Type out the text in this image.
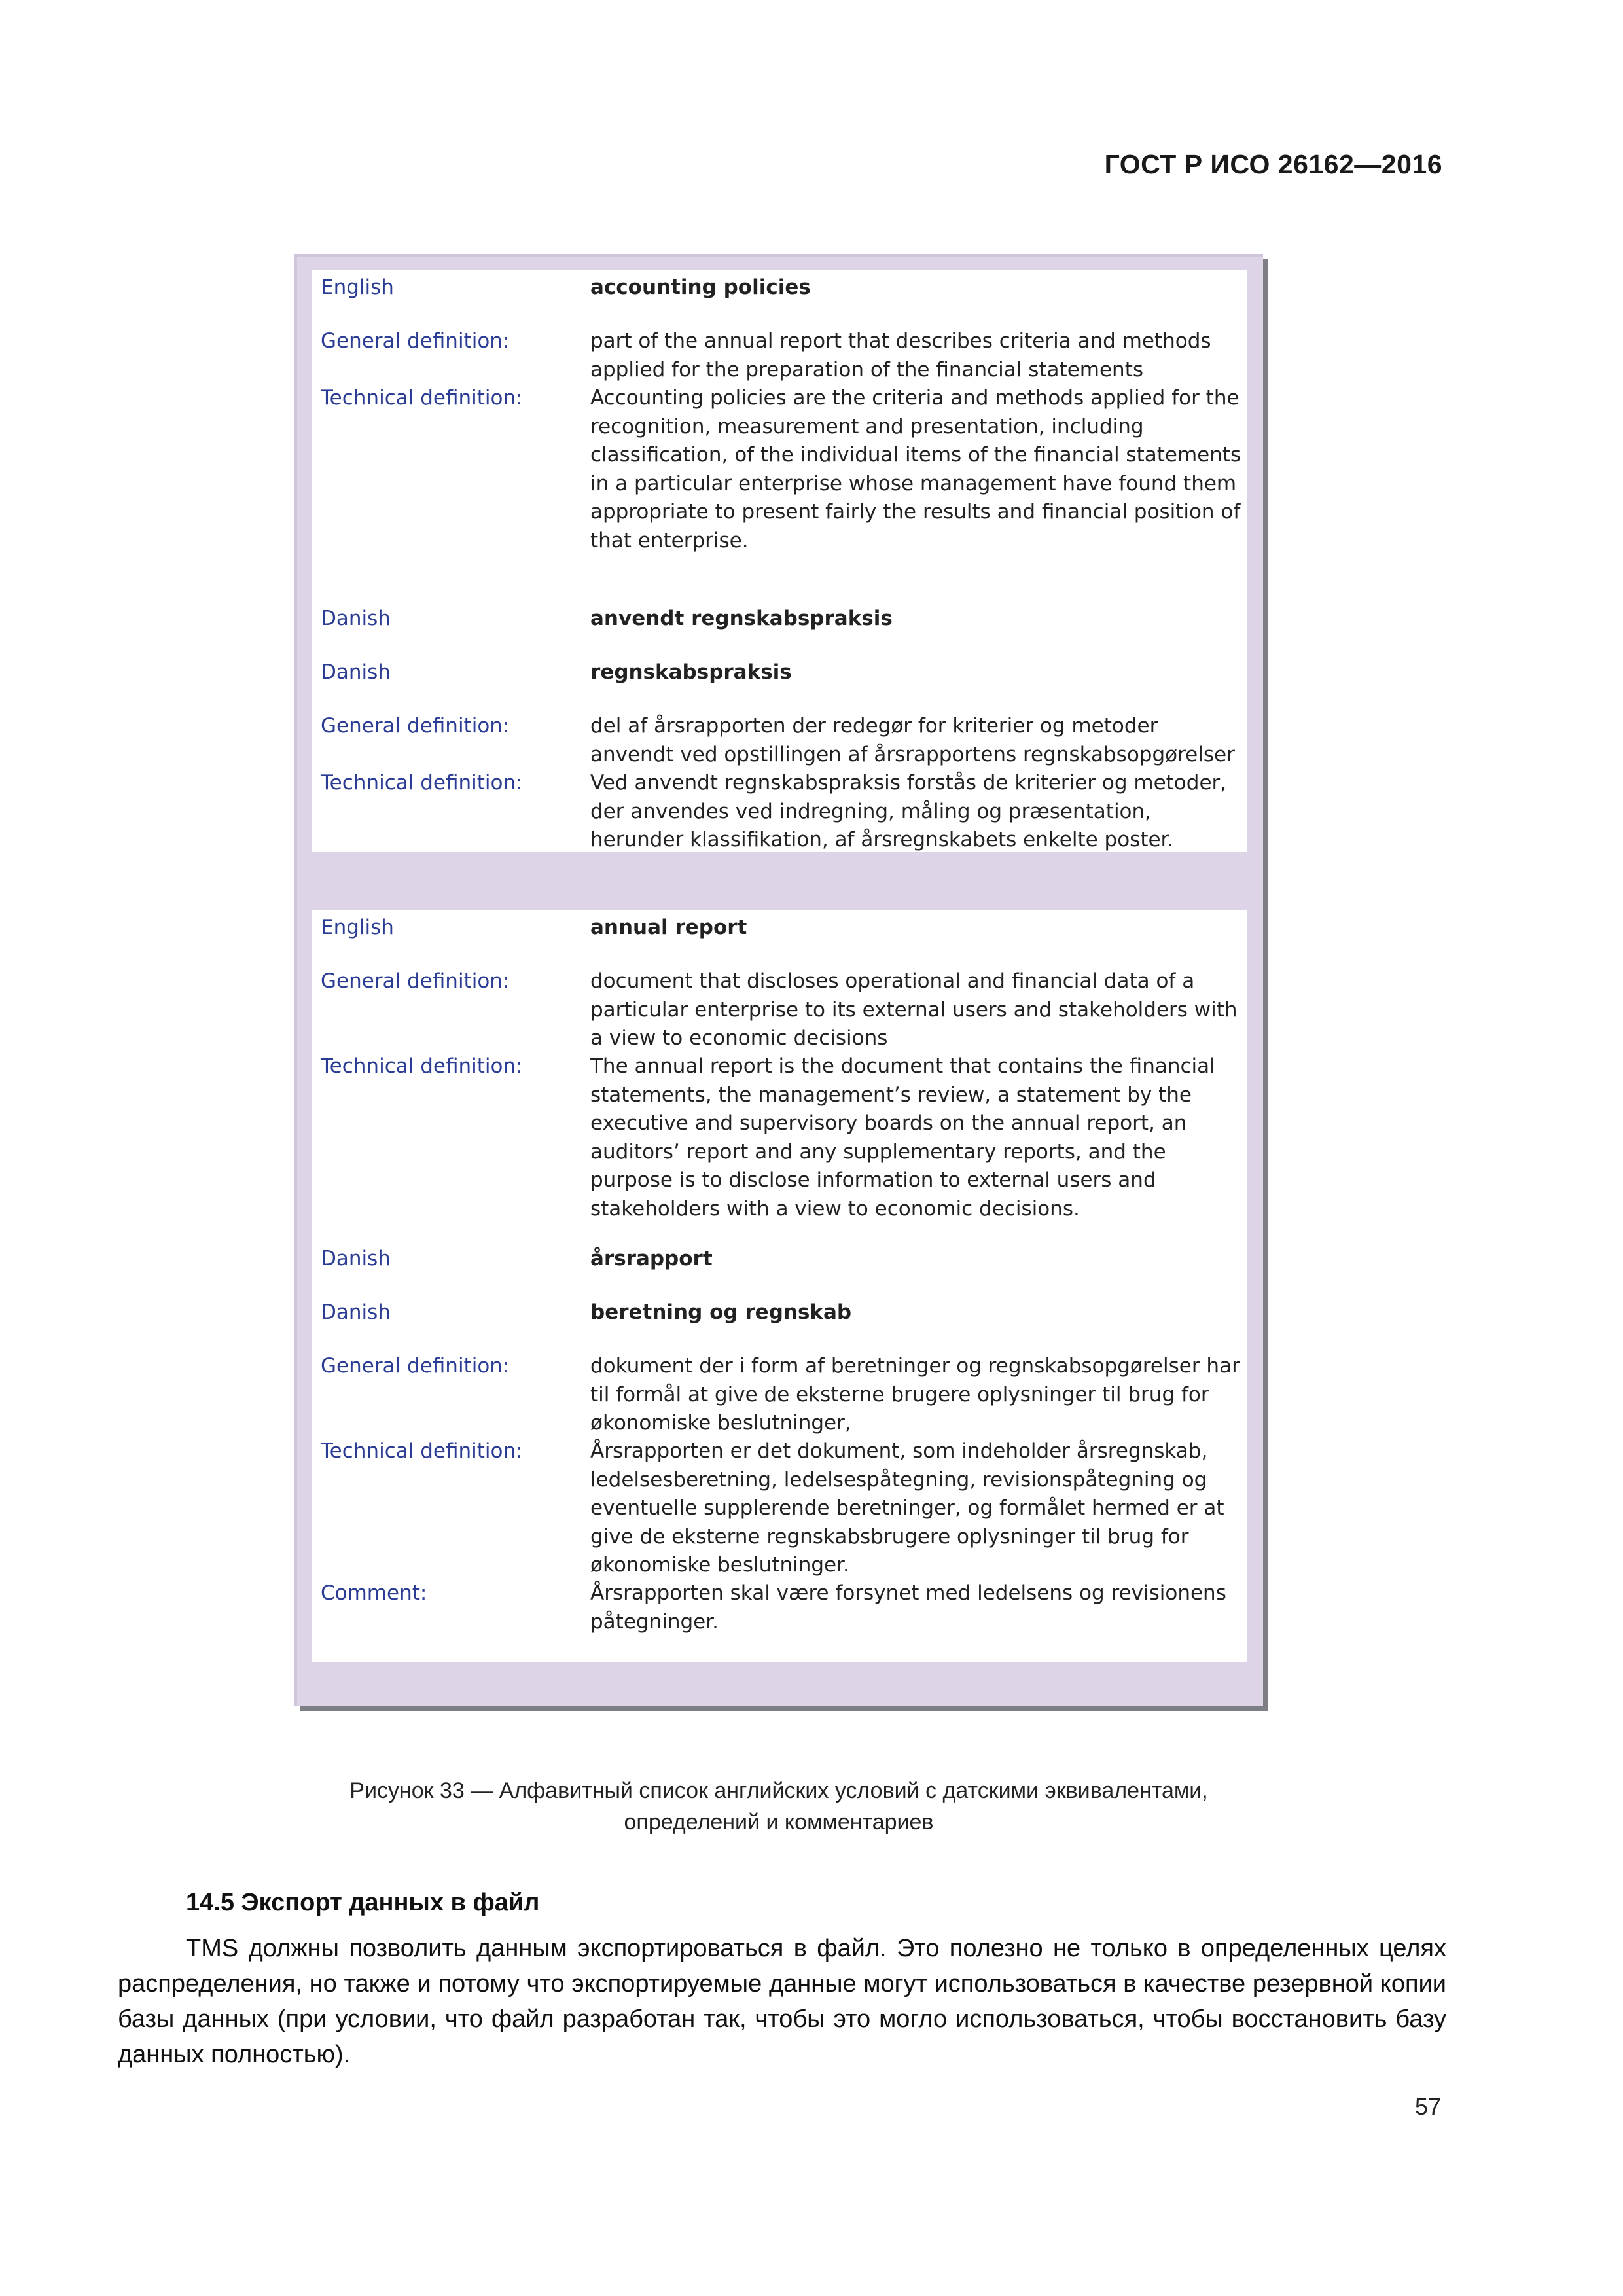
ГОСТ Р ИСО 26162—2016
English	accounting policies
General definition:	part of the annual report that describes criteria and methods applied for the preparation of the financial statements
Technical definition:	Accounting policies are the criteria and methods applied for the recognition, measurement and presentation, including classification, of the individual items of the financial statements in a particular enterprise whose management have found them appropriate to present fairly the results and financial position of that enterprise.
Danish	anvendt regnskabspraksis
Danish	regnskabspraksis
General definition:	del af årsrapporten der redegør for kriterier og metoder anvendt ved opstillingen af årsrapportens regnskabsopgørelser
Technical definition:	Ved anvendt regnskabspraksis forstås de kriterier og metoder, der anvendes ved indregning, måling og præsentation, herunder klassifikation, af årsregnskabets enkelte poster.
English	annual report
General definition:	document that discloses operational and financial data of a particular enterprise to its external users and stakeholders with a view to economic decisions
Technical definition:	The annual report is the document that contains the financial statements, the management’s review, a statement by the executive and supervisory boards on the annual report, an auditors’ report and any supplementary reports, and the purpose is to disclose information to external users and stakeholders with a view to economic decisions.
Danish	årsrapport
Danish	beretning og regnskab
General definition:	dokument der i form af beretninger og regnskabsopgørelser har til formål at give de eksterne brugere oplysninger til brug for økonomiske beslutninger,
Technical definition:	Årsrapporten er det dokument, som indeholder årsregnskab, ledelsesberetning, ledelsespåtegning, revisionspåtegning og eventuelle supplerende beretninger, og formålet hermed er at give de eksterne regnskabsbrugere oplysninger til brug for økonomiske beslutninger.
Comment:	Årsrapporten skal være forsynet med ledelsens og revisionens påtegninger.
Рисунок 33 — Алфавитный список английских условий с датскими эквивалентами,
определений и комментариев
14.5 Экспорт данных в файл
TMS должны позволить данным экспортироваться в файл. Это полезно не только в определенных целях распределения, но также и потому что экспортируемые данные могут использоваться в качестве резервной копии базы данных (при условии, что файл разработан так, чтобы это могло использоваться, чтобы восстановить базу данных полностью).
57
